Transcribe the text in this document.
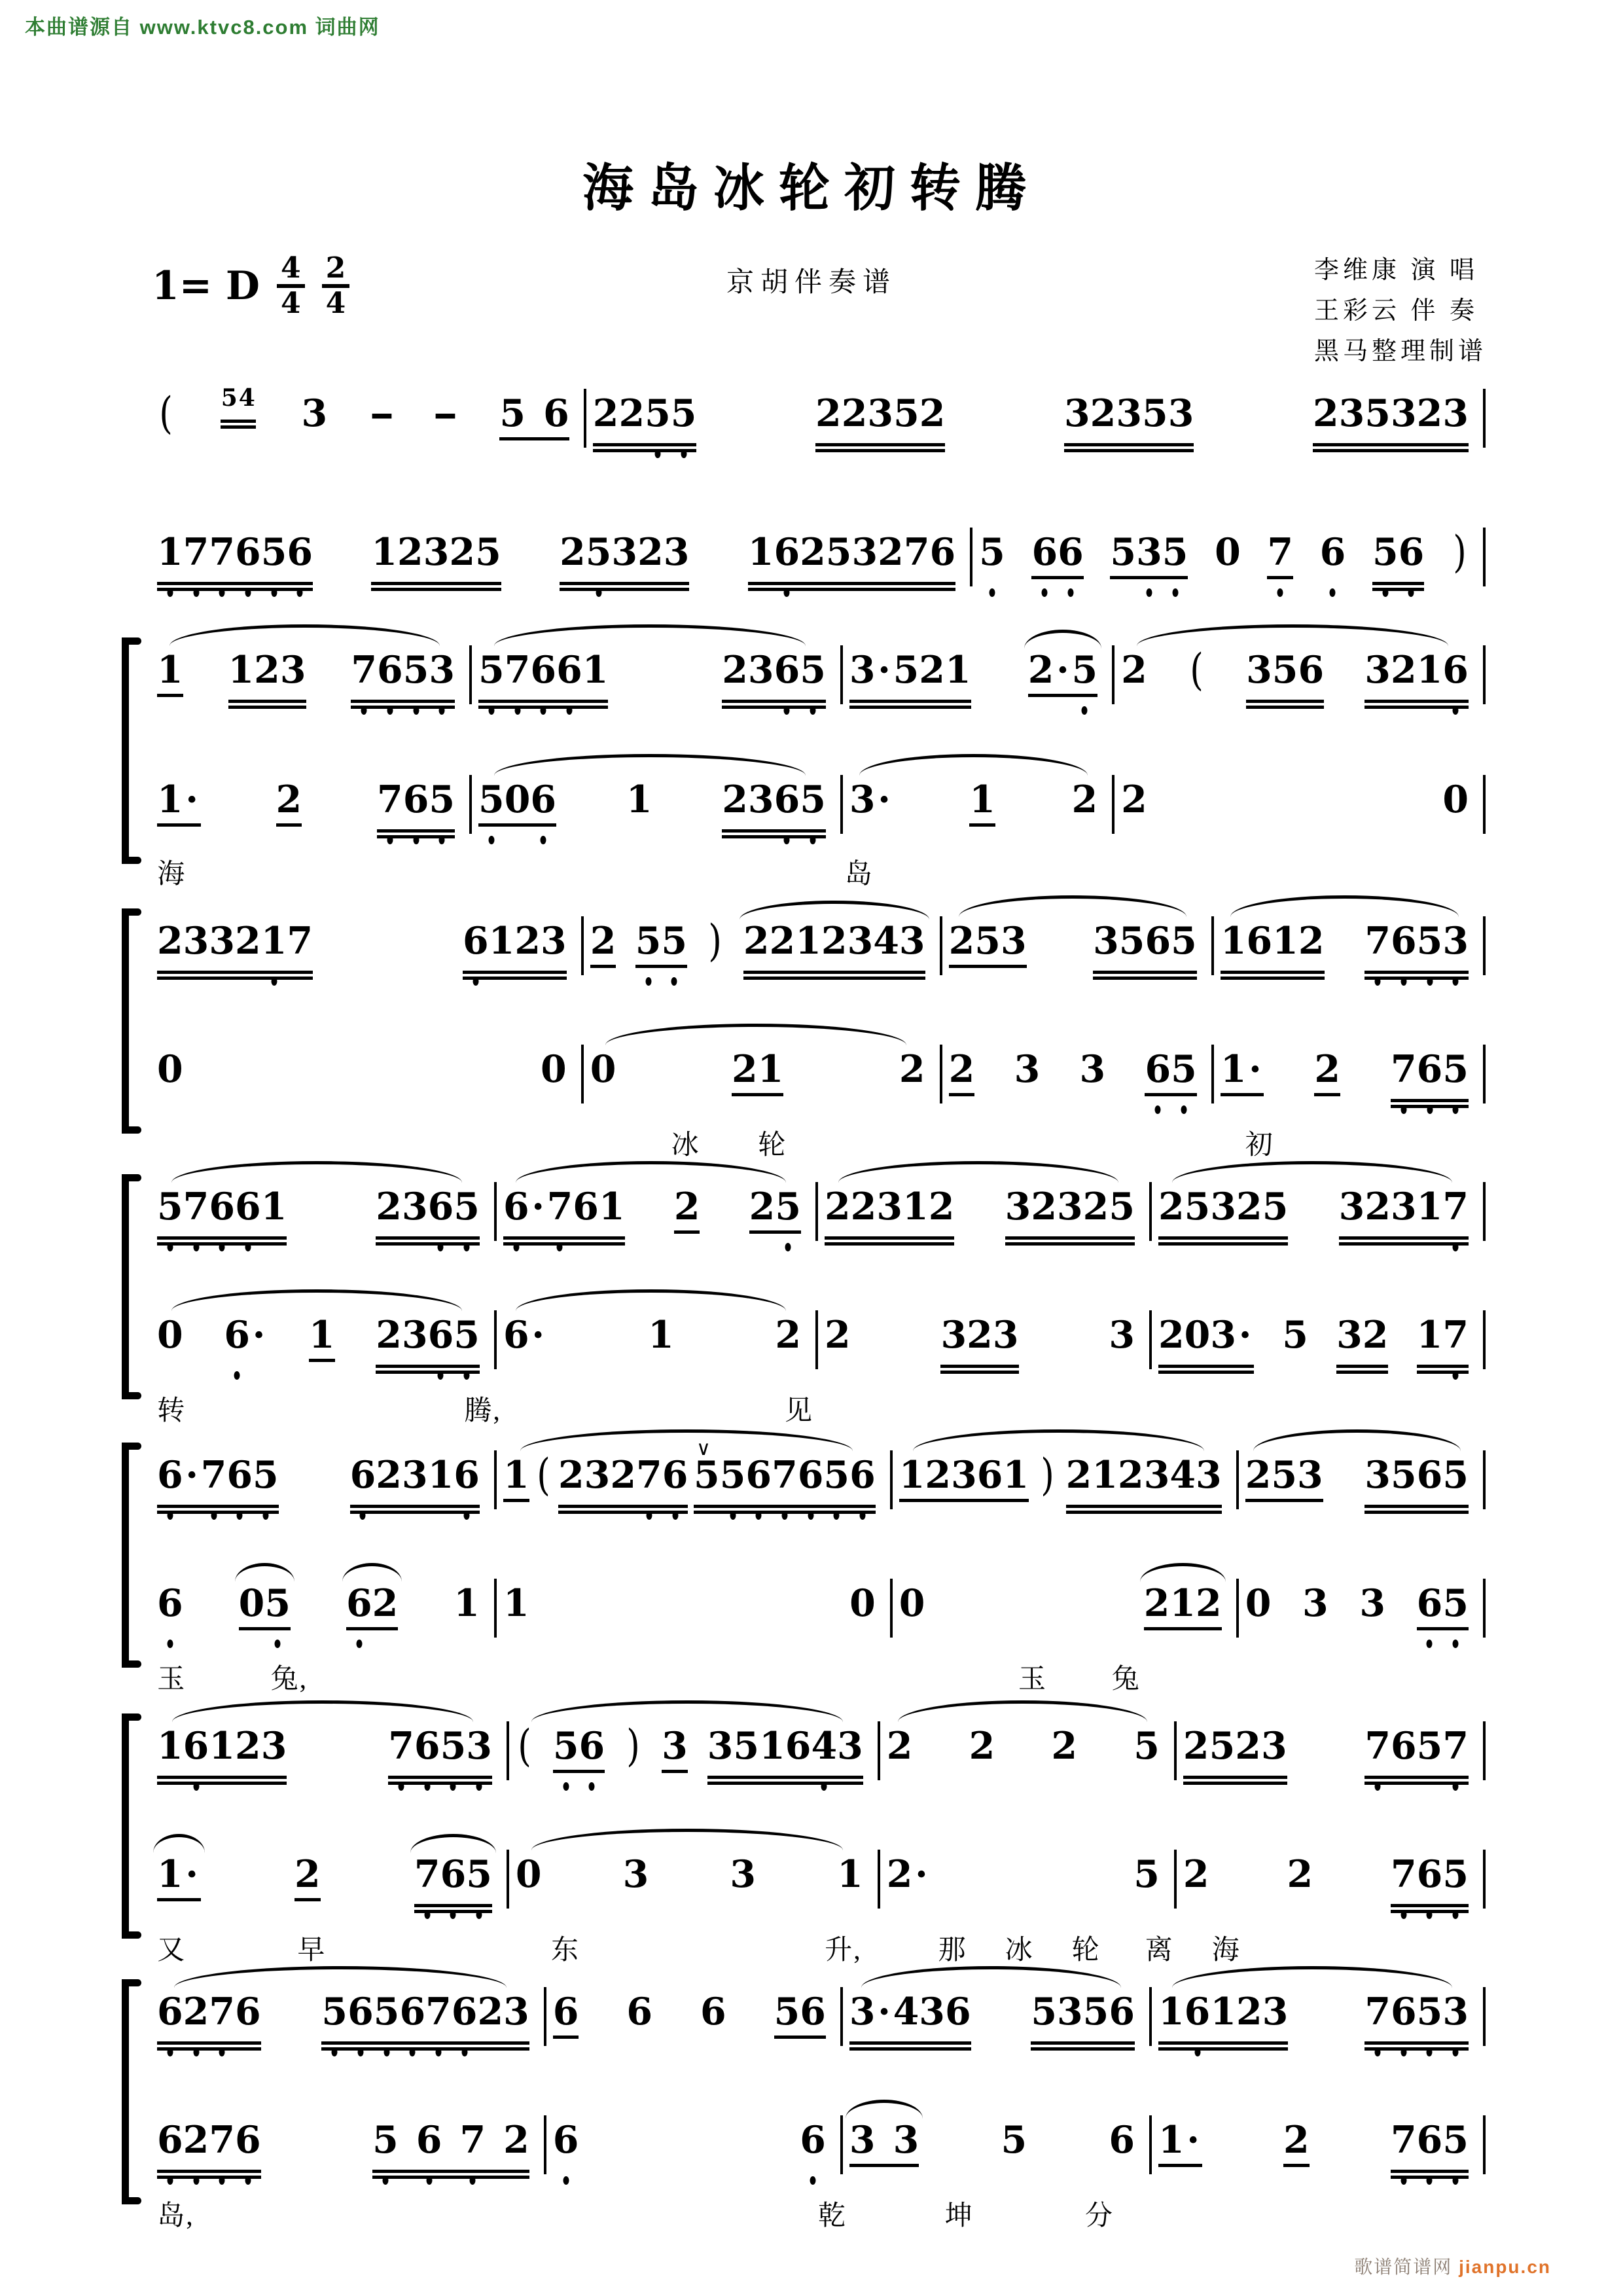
本曲谱源自 www.ktvc8.com 词曲网
海岛冰轮初转腾
京胡伴奏谱
1= D $\frac{4}{4} \frac{2}{4}$	李维康 演 唱
王彩云 伴 奏
黑马整理制谱
( 5 4 3 - - 5 6 2 2 5 5	2 2 3 5 2	3 2 3 5 3	2 3 5 3 2 3
1 7 7 6 5 6 1 2 3 2 5 2 5 3 2 3 1 6 2 5 3 2 7 6 5 6 6 5 3 5 0 7 6 5 6 )
1 1 2 3 7 6 5 3 5 7 6 6 1	2 3 6 5 3 · 5 2 1 2 · 5 2 ( 3 5 6 3 2 1 6
1 · 2 7 6 5 5 0 6 1 2 3 6 5 3 · 1 2 2	0
海	岛
2 3 3 2 1 7	6 1 2 3 2 5 5 ) 2 2 1 2 3 4 3 2 5 3 3 5 6 5 1 6 1 2 7 6 5 3
0	0 0	2 1	2 2 3 3 6 5 1 · 2 7 6 5
冰 轮	初
5 7 6 6 1 2 3 6 5 6 · 7 6 1 2 2 5 2 2 3 1 2 3 2 3 2 5 2 5 3 2 5 3 2 3 1 7
0 6 · 1 2 3 6 5 6 ·	1	2 2 3 2 3 3 2 0 3 · 5 3 2 1 7
转	腾,	见
6 · 7 6 5 6 2 3 1 6 1 ( 2 3 2 7 6 ∨ 5 5 6 7 6 5 6 1 2 3 6 1 ) 2 1 2 3 4 3 2 5 3 3 5 6 5
6 0 5 6 2 1 1	0 0	2 1 2 0 3 3 6 5
玉	兔,	玉 兔
1 6 1 2 3	7 6 5 3 ( 5 6 ) 3 3 5 1 6 4 3 2 2 2 5 2 5 2 3 7 6 5 7
1 ·	2	7 6 5 0 3 3 1 2 ·	5 2 2 7 6 5
又	早	东	升,	那 冰 轮 离 海
6 2 7 6 5 6 5 6 7 6 2 3 6 6 6 5 6 3 · 4 3 6 5 3 5 6 1 6 1 2 3 7 6 5 3
6 2 7 6	5 6 7 2 6	6 3 3 5 6 1 · 2 7 6 5
岛,	乾	坤	分
歌谱简谱网 jianpu.cn
